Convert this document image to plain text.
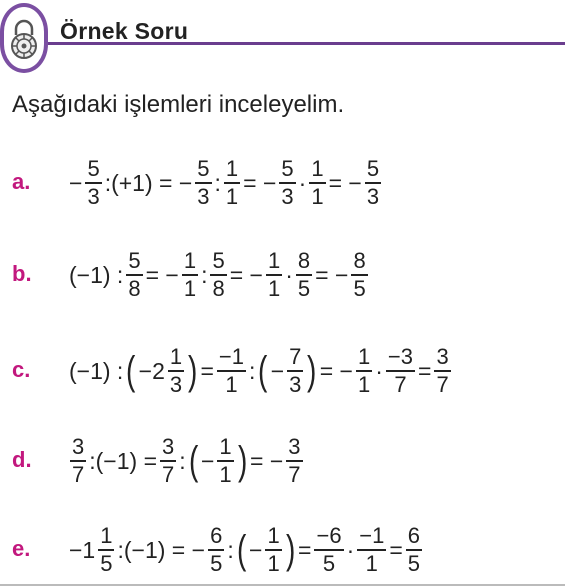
Örnek Soru
Aşağıdaki işlemleri inceleyelim.
a. − $\frac{5}{3}$ :(+1) = − $\frac{5}{3}$ : $\frac{1}{1}$ = − $\frac{5}{3} \cdot \frac{1}{1}$ = − $\frac{5}{3}$
b. (−1) : $\frac{5}{8}$ = − $\frac{1}{1}$ : $\frac{5}{8}$ = − $\frac{1}{1} \cdot \frac{8}{5}$ = − $\frac{8}{5}$
c. (−1) : ( $-2 \frac{1}{3}$ ) = $\frac{-1}{1}$ : ( − $\frac{7}{3}$ ) = − $\frac{1}{1} \cdot \frac{-3}{7} = \frac{3}{7}$
d. $\frac{3}{7}$ :(−1) = $\frac{3}{7}$ : ( − $\frac{1}{1}$ ) = − $\frac{3}{7}$
e. $-1 \frac{1}{5}$ :(−1) = − $\frac{6}{5}$ : ( − $\frac{1}{1}$ ) = $\frac{-6}{5} \cdot \frac{-1}{1} = \frac{6}{5}$
